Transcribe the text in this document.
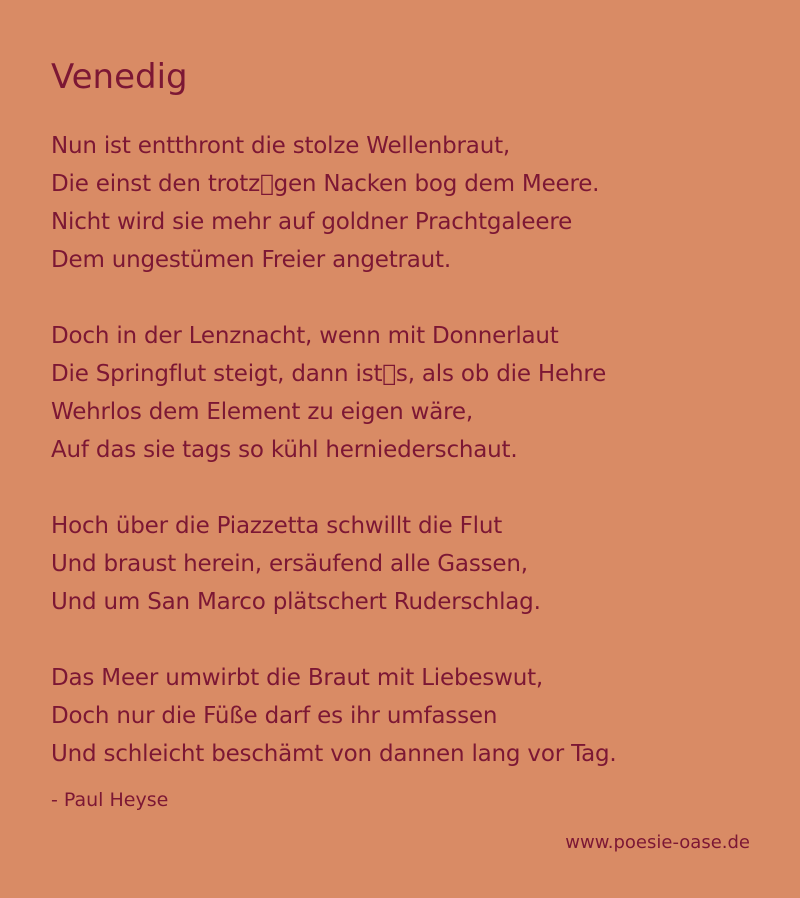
Venedig
Nun ist entthront die stolze Wellenbraut,
Die einst den trotz gen Nacken bog dem Meere.
Nicht wird sie mehr auf goldner Prachtgaleere
Dem ungestümen Freier angetraut.
Doch in der Lenznacht, wenn mit Donnerlaut
Die Springflut steigt, dann ist s, als ob die Hehre
Wehrlos dem Element zu eigen wäre,
Auf das sie tags so kühl herniederschaut.
Hoch über die Piazzetta schwillt die Flut
Und braust herein, ersäufend alle Gassen,
Und um San Marco plätschert Ruderschlag.
Das Meer umwirbt die Braut mit Liebeswut,
Doch nur die Füße darf es ihr umfassen
Und schleicht beschämt von dannen lang vor Tag.
- Paul Heyse
www.poesie-oase.de
